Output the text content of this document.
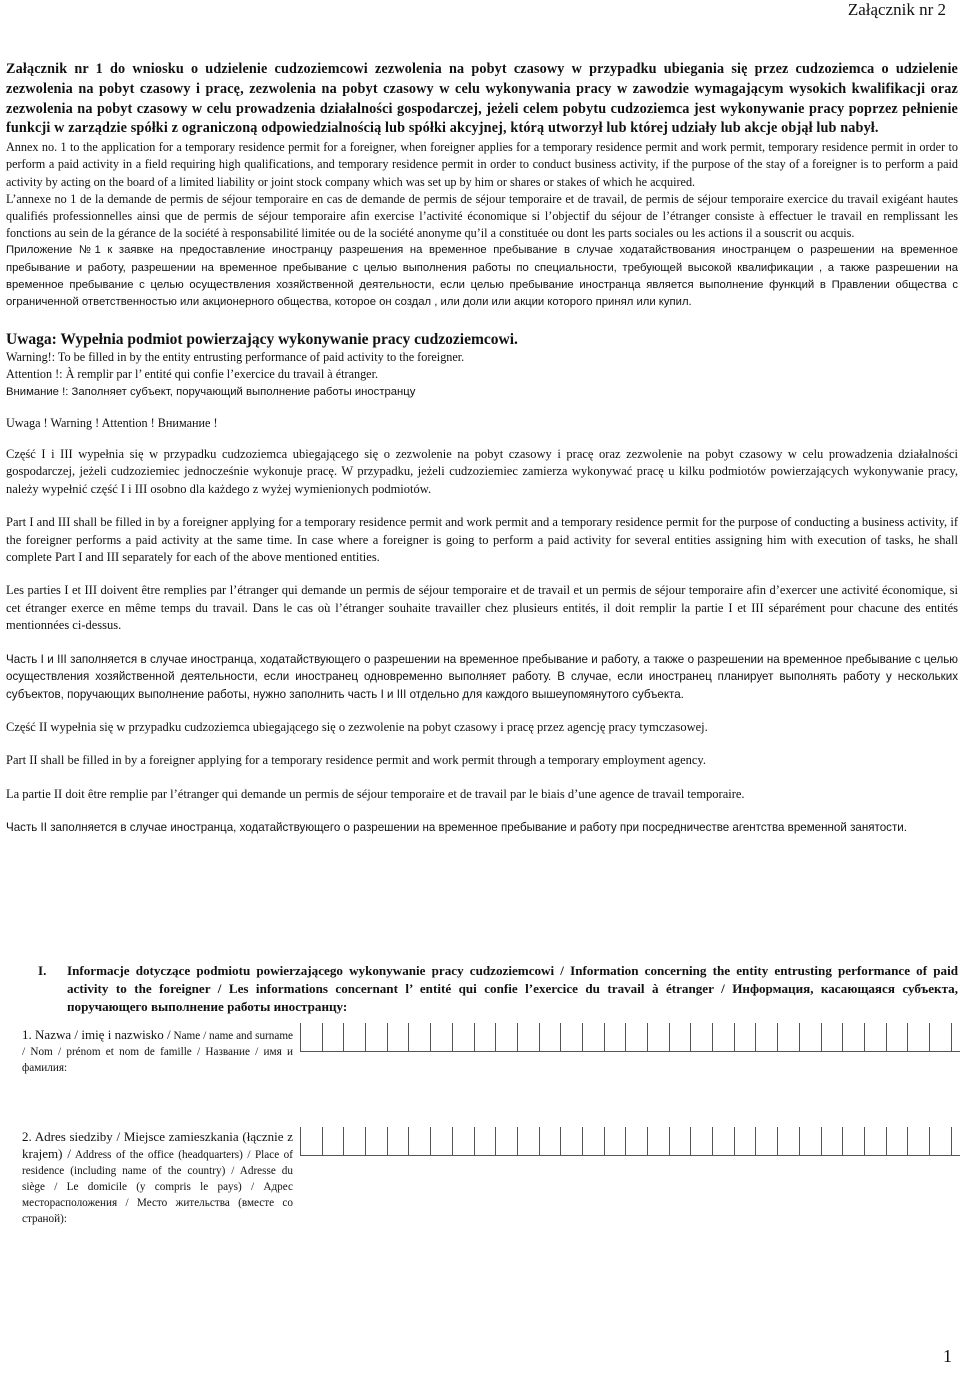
Załącznik nr 2

Załącznik nr 1 do wniosku o udzielenie cudzoziemcowi zezwolenia na pobyt czasowy w przypadku ubiegania się przez cudzoziemca o udzielenie zezwolenia na pobyt czasowy i pracę, zezwolenia na pobyt czasowy w celu wykonywania pracy w zawodzie wymagającym wysokich kwalifikacji oraz zezwolenia na pobyt czasowy w celu prowadzenia działalności gospodarczej, jeżeli celem pobytu cudzoziemca jest wykonywanie pracy poprzez pełnienie funkcji w zarządzie spółki z ograniczoną odpowiedzialnością lub spółki akcyjnej, którą utworzył lub której udziały lub akcje objął lub nabył.

Annex no. 1 to the application for a temporary residence permit for a foreigner, when foreigner applies for a temporary residence permit and work permit, temporary residence permit in order to perform a paid activity in a field requiring high qualifications, and temporary residence permit in order to conduct business activity, if the purpose of the stay of a foreigner is to perform a paid activity by acting on the board of a limited liability or joint stock company which was set up by him or shares or stakes of which he acquired.

L’annexe no 1 de la demande de permis de séjour temporaire en cas de demande de permis de séjour temporaire et de travail, de permis de séjour temporaire exercice du travail exigéant hautes qualifiés professionnelles ainsi que de permis de séjour temporaire afin exercise l’activité économique si l’objectif du séjour de l’étranger consiste à effectuer le travail en remplissant les fonctions au sein de la gérance de la société à responsabilité limitée ou de la société anonyme qu’il a constituée ou dont les parts sociales ou les actions il a souscrit ou acquis.

Приложение №1 к заявке на предоставление иностранцу разрешения на временное пребывание в случае ходатайствования иностранцем о разрешении на временное пребывание и работу, разрешении на временное пребывание с целью выполнения работы по специальности, требующей высокой квалификации , а также разрешении на временное пребывание с целью осуществления хозяйственной деятельности, если целью пребывание иностранца является выполнение функций в Правлении общества с ограниченной ответственностью или акционерного общества, которое он создал , или доли или акции которого принял или купил.

Uwaga: Wypełnia podmiot powierzający wykonywanie pracy cudzoziemcowi.

Warning!: To be filled in by the entity entrusting performance of paid activity to the foreigner.

Attention !: À remplir par l’ entité qui confie l’exercice du travail à étranger.

Внимание !: Заполняет субъект, поручающий выполнение работы иностранцу

Uwaga ! Warning ! Attention ! Внимание !

Część I i III wypełnia się w przypadku cudzoziemca ubiegającego się o zezwolenie na pobyt czasowy i pracę oraz zezwolenie na pobyt czasowy w celu prowadzenia działalności gospodarczej, jeżeli cudzoziemiec jednocześnie wykonuje pracę. W przypadku, jeżeli cudzoziemiec zamierza wykonywać pracę u kilku podmiotów powierzających wykonywanie pracy, należy wypełnić część I i III osobno dla każdego z wyżej wymienionych podmiotów.

Part I and III shall be filled in by a foreigner applying for a temporary residence permit and work permit and a temporary residence permit for the purpose of conducting a business activity, if the foreigner performs a paid activity at the same time. In case where a foreigner is going to perform a paid activity for several entities assigning him with execution of tasks, he shall complete Part I and III separately for each of the above mentioned entities.

Les parties I et III doivent être remplies par l’étranger qui demande un permis de séjour temporaire et de travail et un permis de séjour temporaire afin d’exercer une activité économique, si cet étranger exerce en même temps du travail. Dans le cas où l’étranger souhaite travailler chez plusieurs entités, il doit remplir la partie I et III séparément pour chacune des entités mentionnées ci-dessus.

Часть I и III заполняется в случае иностранца, ходатайствующего о разрешении на временное пребывание и работу, а также о разрешении на временное пребывание с целью осуществления хозяйственной деятельности, если иностранец одновременно выполняет работу. В случае, если иностранец планирует выполнять работу у нескольких субъектов, поручающих выполнение работы, нужно заполнить часть I и III отдельно для каждого вышеупомянутого субъекта.

Część II wypełnia się w przypadku cudzoziemca ubiegającego się o zezwolenie na pobyt czasowy i pracę przez agencję pracy tymczasowej.

Part II shall be filled in by a foreigner applying for a temporary residence permit and work permit through a temporary employment agency.

La partie II doit être remplie par l’étranger qui demande un permis de séjour temporaire et de travail par le biais d’une agence de travail temporaire.

Часть II заполняется в случае иностранца, ходатайствующего о разрешении на временное пребывание и работу при посредничестве агентства временной занятости.

I. Informacje dotyczące podmiotu powierzającego wykonywanie pracy cudzoziemcowi / Information concerning the entity entrusting performance of paid activity to the foreigner / Les informations concernant l’ entité qui confie l’exercice du travail à étranger / Информация, касающаяся субъекта, поручающего выполнение работы иностранцу:
1. Nazwa / imię i nazwisko / Name / name and surname / Nom / prénom et nom de famille / Название / имя и фамилия:
2. Adres siedziby / Miejsce zamieszkania (łącznie z krajem) / Address of the office (headquarters) / Place of residence (including name of the country) / Adresse du siège / Le domicile (y compris le pays) / Адрес месторасположения / Место жительства (вместе со страной):
1
